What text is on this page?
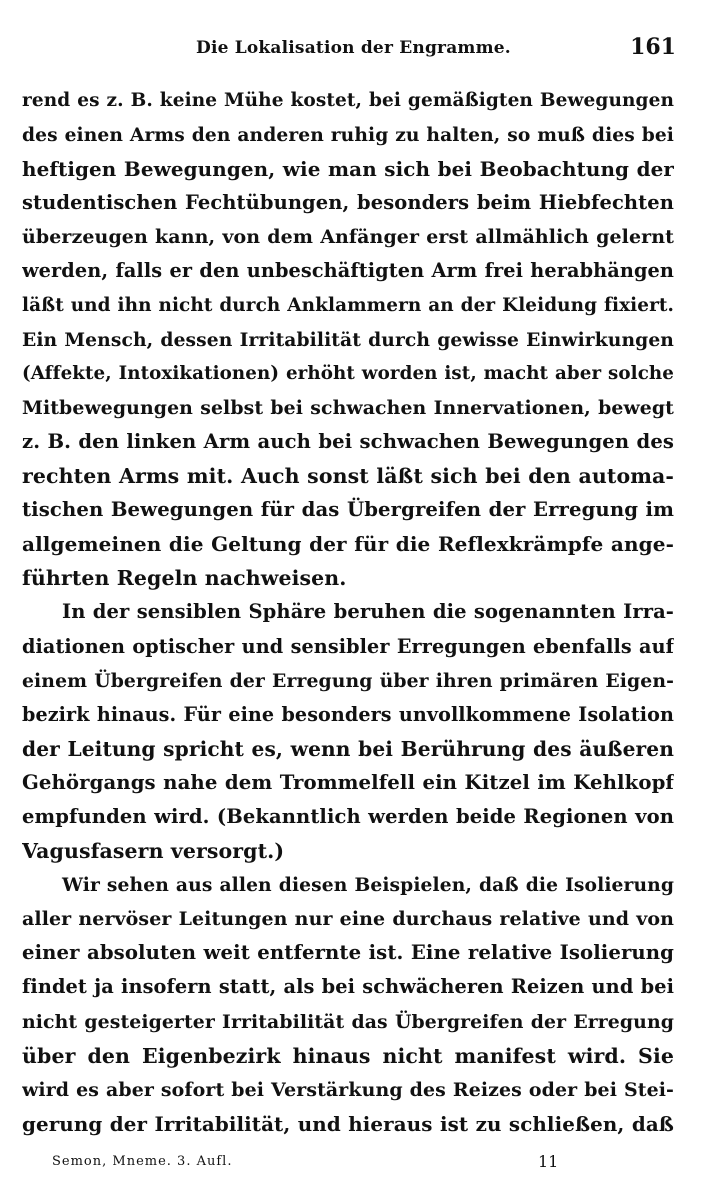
Die Lokalisation der Engramme.	161
rend es z. B. keine Mühe kostet, bei gemäßigten Bewegungen
des einen Arms den anderen ruhig zu halten, so muß dies bei
heftigen Bewegungen, wie man sich bei Beobachtung der
studentischen Fechtübungen, besonders beim Hiebfechten
überzeugen kann, von dem Anfänger erst allmählich gelernt
werden, falls er den unbeschäftigten Arm frei herabhängen
läßt und ihn nicht durch Anklammern an der Kleidung fixiert.
Ein Mensch, dessen Irritabilität durch gewisse Einwirkungen
(Affekte, Intoxikationen) erhöht worden ist, macht aber solche
Mitbewegungen selbst bei schwachen Innervationen, bewegt
z. B. den linken Arm auch bei schwachen Bewegungen des
rechten Arms mit. Auch sonst läßt sich bei den automa-
tischen Bewegungen für das Übergreifen der Erregung im
allgemeinen die Geltung der für die Reflexkrämpfe ange-
führten Regeln nachweisen.
In der sensiblen Sphäre beruhen die sogenannten Irra-
diationen optischer und sensibler Erregungen ebenfalls auf
einem Übergreifen der Erregung über ihren primären Eigen-
bezirk hinaus. Für eine besonders unvollkommene Isolation
der Leitung spricht es, wenn bei Berührung des äußeren
Gehörgangs nahe dem Trommelfell ein Kitzel im Kehlkopf
empfunden wird. (Bekanntlich werden beide Regionen von
Vagusfasern versorgt.)
Wir sehen aus allen diesen Beispielen, daß die Isolierung
aller nervöser Leitungen nur eine durchaus relative und von
einer absoluten weit entfernte ist. Eine relative Isolierung
findet ja insofern statt, als bei schwächeren Reizen und bei
nicht gesteigerter Irritabilität das Übergreifen der Erregung
über den Eigenbezirk hinaus nicht manifest wird. Sie
wird es aber sofort bei Verstärkung des Reizes oder bei Stei-
gerung der Irritabilität, und hieraus ist zu schließen, daß
Semon, Mneme. 3. Aufl.	11
